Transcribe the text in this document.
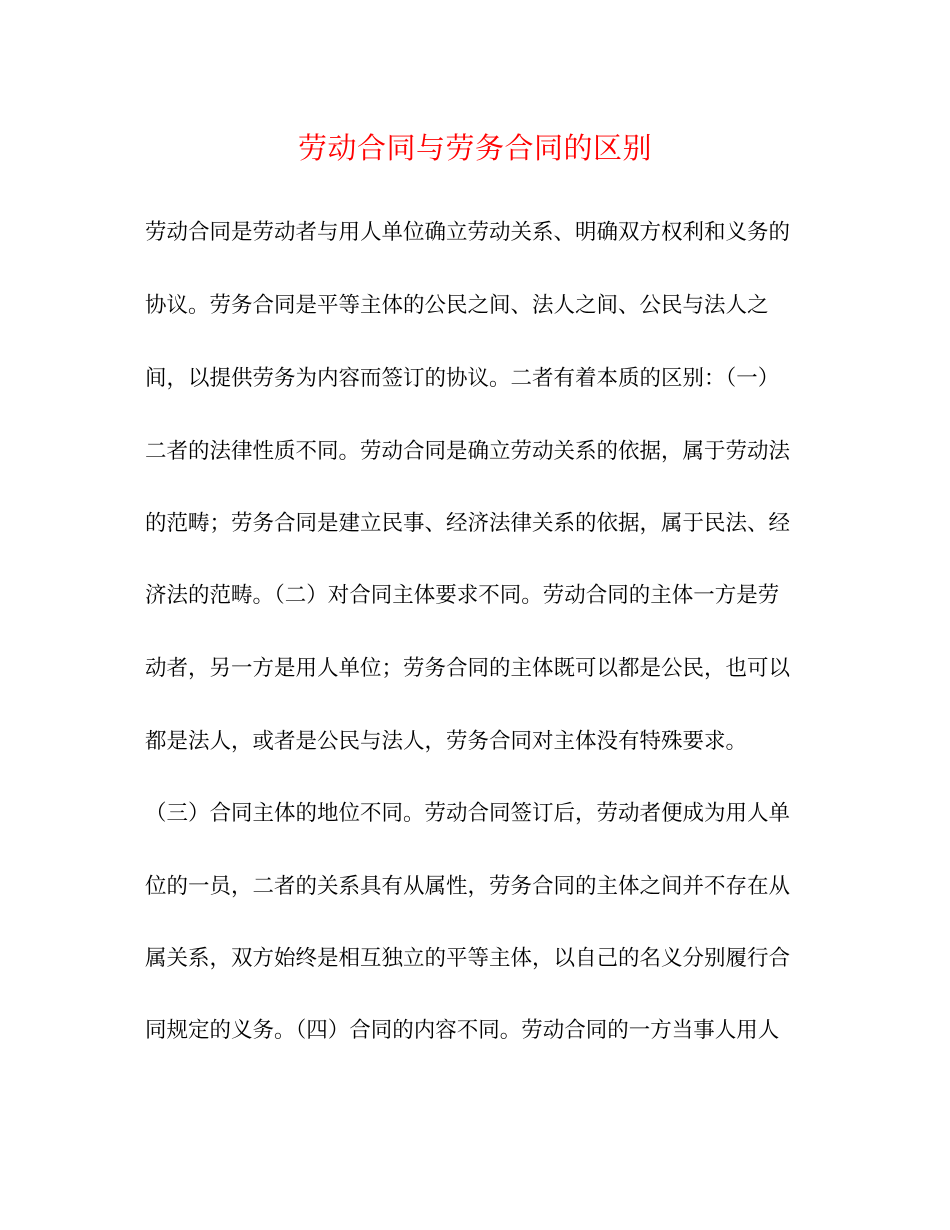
劳动合同与劳务合同的区别
劳动合同是劳动者与用人单位确立劳动关系、明确双方权利和义务的
协议。劳务合同是平等主体的公民之间、法人之间、公民与法人之
间，以提供劳务为内容而签订的协议。二者有着本质的区别：（一）
二者的法律性质不同。劳动合同是确立劳动关系的依据，属于劳动法
的范畴；劳务合同是建立民事、经济法律关系的依据，属于民法、经
济法的范畴。（二）对合同主体要求不同。劳动合同的主体一方是劳
动者，另一方是用人单位；劳务合同的主体既可以都是公民，也可以
都是法人，或者是公民与法人，劳务合同对主体没有特殊要求。
（三）合同主体的地位不同。劳动合同签订后，劳动者便成为用人单
位的一员，二者的关系具有从属性，劳务合同的主体之间并不存在从
属关系，双方始终是相互独立的平等主体，以自己的名义分别履行合
同规定的义务。（四）合同的内容不同。劳动合同的一方当事人用人
